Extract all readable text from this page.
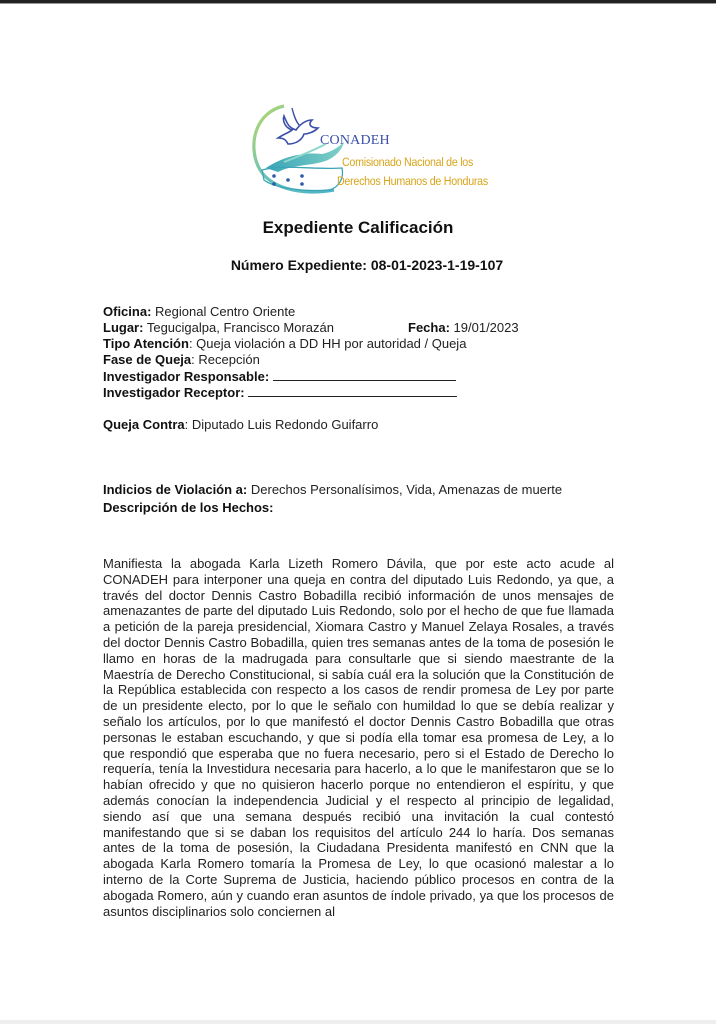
CONADEH
Comisionado Nacional de los
Derechos Humanos de Honduras
Expediente Calificación
Número Expediente: 08-01-2023-1-19-107
Oficina: Regional Centro Oriente
Lugar: Tegucigalpa, Francisco Morazán	Fecha: 19/01/2023
Tipo Atención: Queja violación a DD HH por autoridad / Queja
Fase de Queja: Recepción
Investigador Responsable:
Investigador Receptor:
Queja Contra: Diputado Luis Redondo Guifarro
Indicios de Violación a: Derechos Personalísimos, Vida, Amenazas de muerte
Descripción de los Hechos:
Manifiesta la abogada Karla Lizeth Romero Dávila, que por este acto acude al CONADEH para interponer una queja en contra del diputado Luis Redondo, ya que, a través del doctor Dennis Castro Bobadilla recibió información de unos mensajes de amenazantes de parte del diputado Luis Redondo, solo por el hecho de que fue llamada a petición de la pareja presidencial, Xiomara Castro y Manuel Zelaya Rosales, a través del doctor Dennis Castro Bobadilla, quien tres semanas antes de la toma de posesión le llamo en horas de la madrugada para consultarle que si siendo maestrante de la Maestría de Derecho Constitucional, si sabía cuál era la solución que la Constitución de la República establecida con respecto a los casos de rendir promesa de Ley por parte de un presidente electo, por lo que le señalo con humildad lo que se debía realizar y señalo los artículos, por lo que manifestó el doctor Dennis Castro Bobadilla que otras personas le estaban escuchando, y que si podía ella tomar esa promesa de Ley, a lo que respondió que esperaba que no fuera necesario, pero si el Estado de Derecho lo requería, tenía la Investidura necesaria para hacerlo, a lo que le manifestaron que se lo habían ofrecido y que no quisieron hacerlo porque no entendieron el espíritu, y que además conocían la independencia Judicial y el respecto al principio de legalidad, siendo así que una semana después recibió una invitación la cual contestó manifestando que si se daban los requisitos del artículo 244 lo haría. Dos semanas antes de la toma de posesión, la Ciudadana Presidenta manifestó en CNN que la abogada Karla Romero tomaría la Promesa de Ley, lo que ocasionó malestar a lo interno de la Corte Suprema de Justicia, haciendo público procesos en contra de la abogada Romero, aún y cuando eran asuntos de índole privado, ya que los procesos de asuntos disciplinarios solo conciernen al
